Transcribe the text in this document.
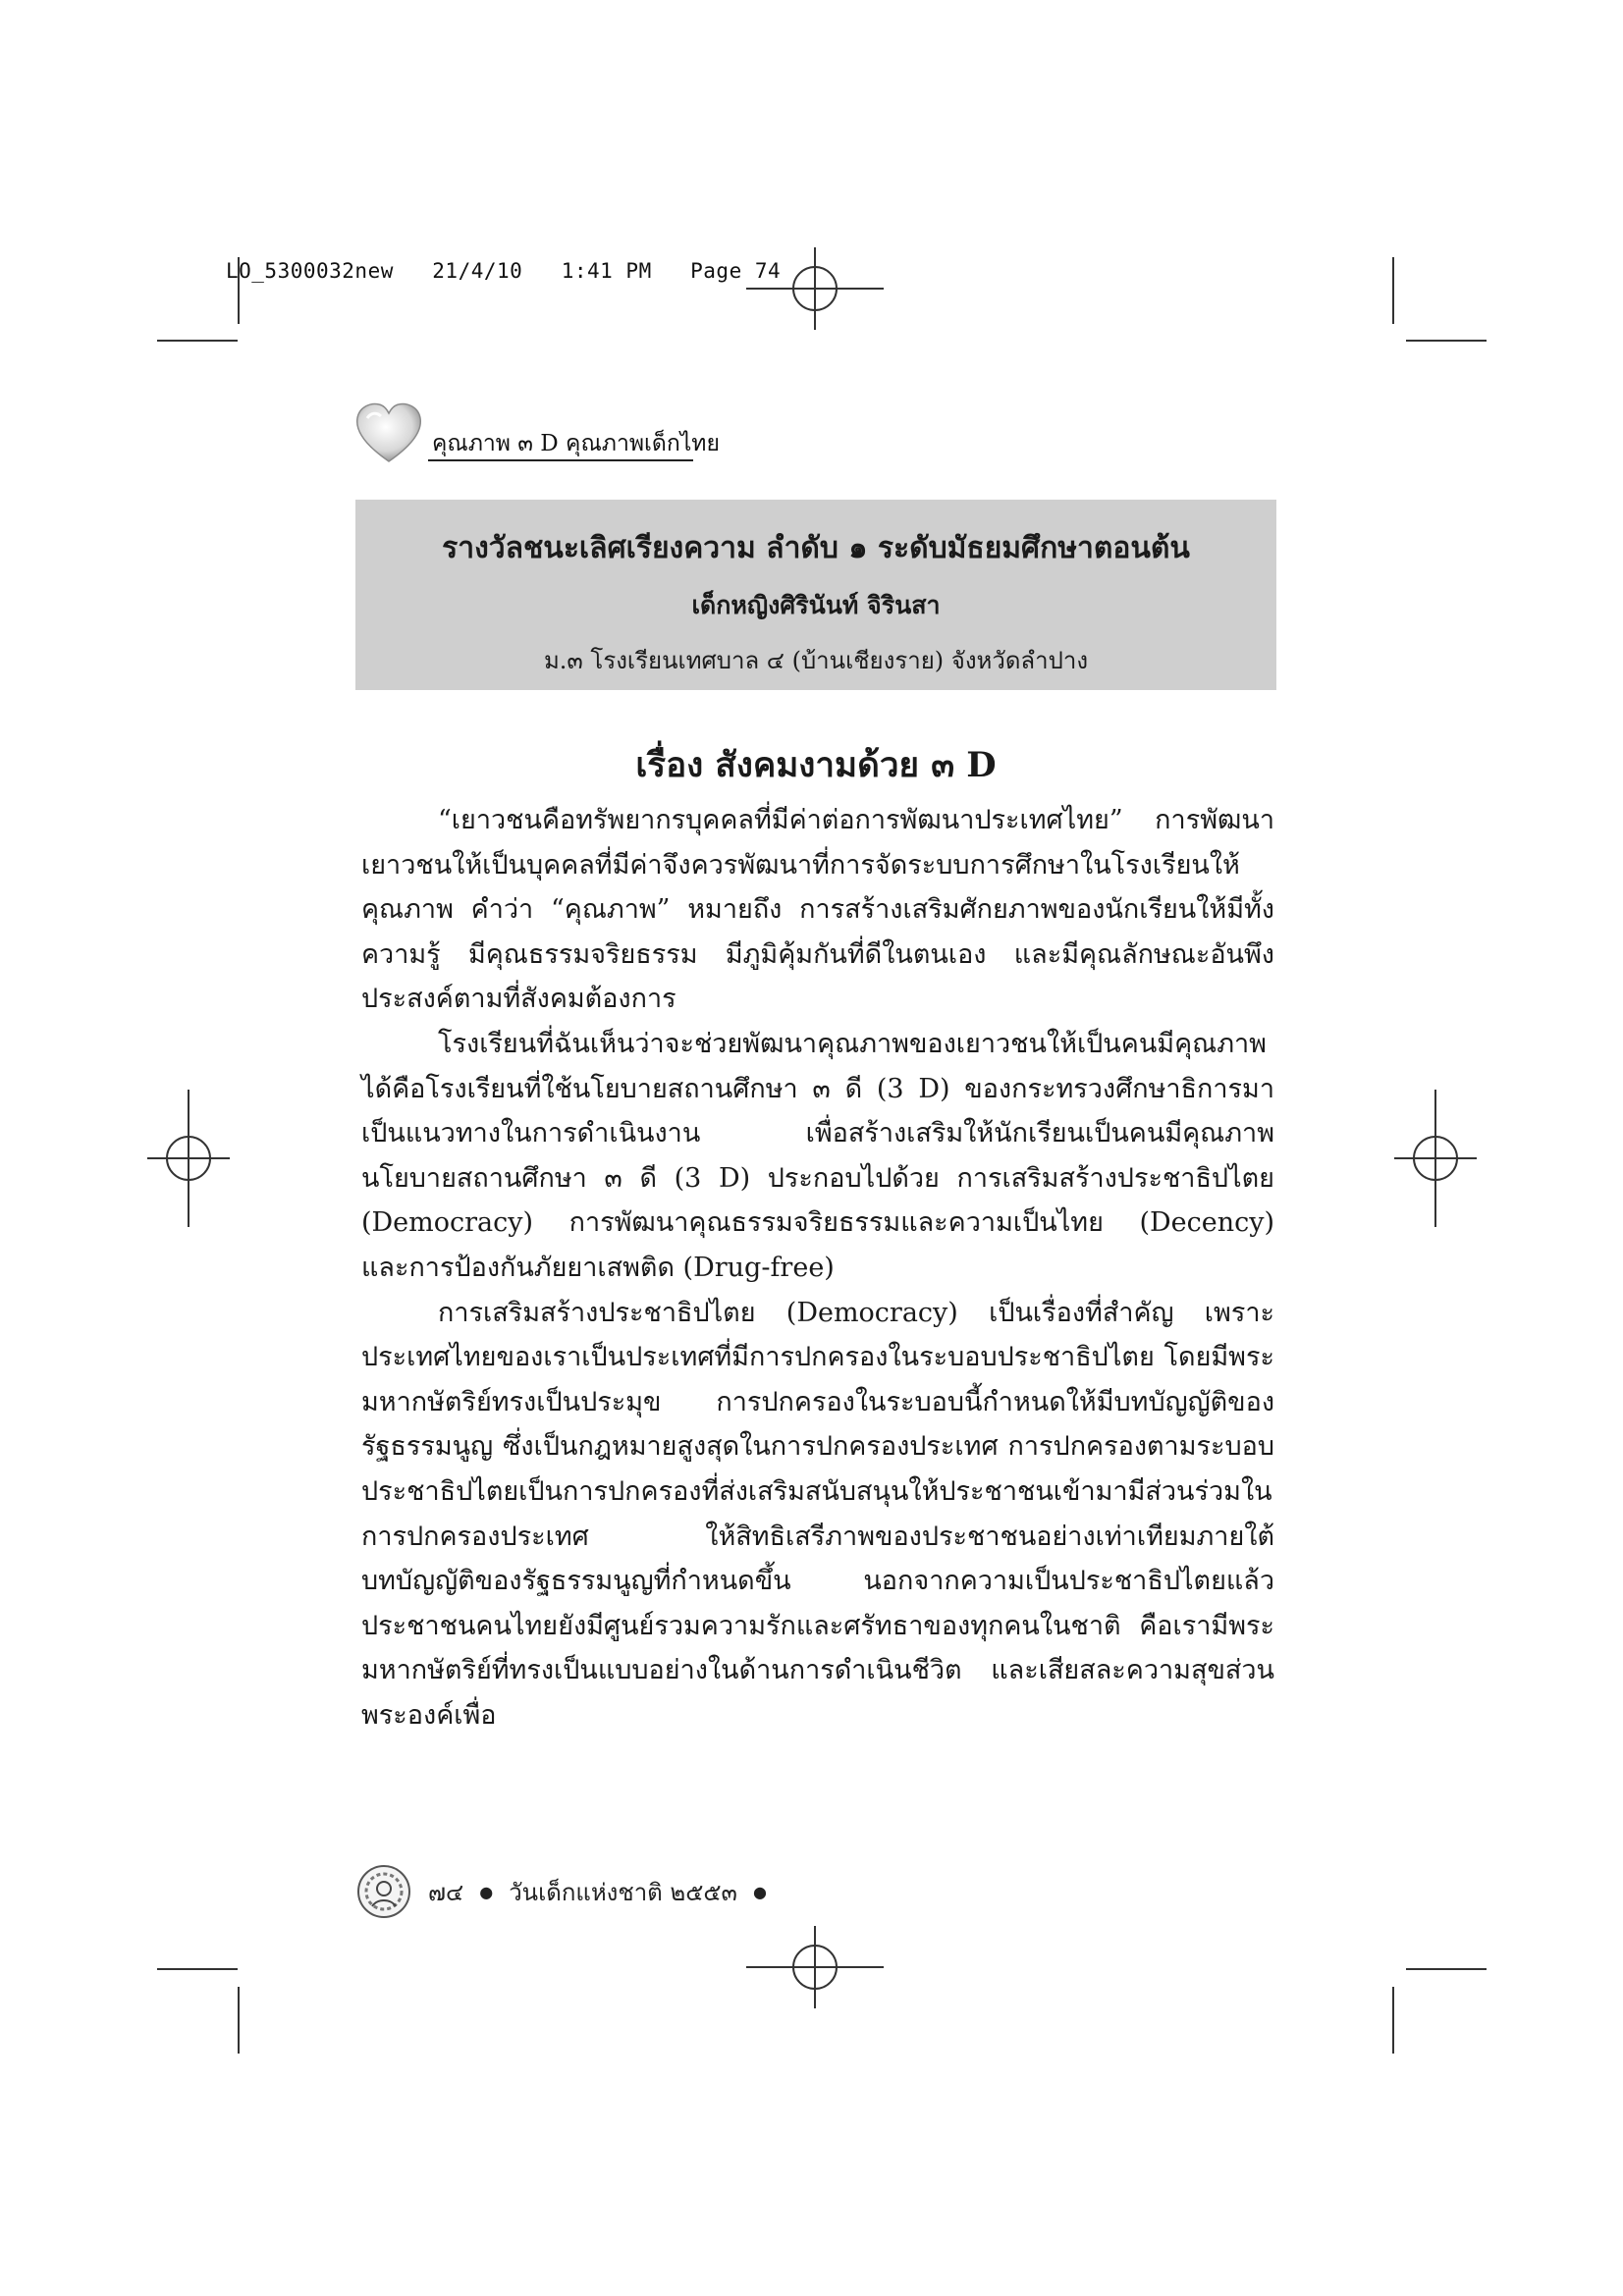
LO_5300032new   21/4/10   1:41 PM   Page 74
คุณภาพ ๓ D คุณภาพเด็กไทย
รางวัลชนะเลิศเรียงความ ลำดับ ๑ ระดับมัธยมศึกษาตอนต้น
เด็กหญิงศิรินันท์ จิรินสา
ม.๓ โรงเรียนเทศบาล ๔ (บ้านเชียงราย) จังหวัดลำปาง
เรื่อง สังคมงามด้วย ๓ D

“เยาวชนคือทรัพยากรบุคคลที่มีค่าต่อการพัฒนาประเทศไทย” การพัฒนาเยาวชนให้เป็นบุคคลที่มีค่าจึงควรพัฒนาที่การจัดระบบการศึกษาในโรงเรียนให้คุณภาพ คำว่า “คุณภาพ” หมายถึง การสร้างเสริมศักยภาพของนักเรียนให้มีทั้งความรู้ มีคุณธรรมจริยธรรม มีภูมิคุ้มกันที่ดีในตนเอง และมีคุณลักษณะอันพึงประสงค์ตามที่สังคมต้องการ

โรงเรียนที่ฉันเห็นว่าจะช่วยพัฒนาคุณภาพของเยาวชนให้เป็นคนมีคุณภาพได้คือโรงเรียนที่ใช้นโยบายสถานศึกษา ๓ ดี (3 D) ของกระทรวงศึกษาธิการมาเป็นแนวทางในการดำเนินงาน เพื่อสร้างเสริมให้นักเรียนเป็นคนมีคุณภาพ นโยบายสถานศึกษา ๓ ดี (3 D) ประกอบไปด้วย การเสริมสร้างประชาธิปไตย (Democracy) การพัฒนาคุณธรรมจริยธรรมและความเป็นไทย (Decency) และการป้องกันภัยยาเสพติด (Drug-free)

การเสริมสร้างประชาธิปไตย (Democracy) เป็นเรื่องที่สำคัญ เพราะประเทศไทยของเราเป็นประเทศที่มีการปกครองในระบอบประชาธิปไตย โดยมีพระมหากษัตริย์ทรงเป็นประมุข การปกครองในระบอบนี้กำหนดให้มีบทบัญญัติของรัฐธรรมนูญ ซึ่งเป็นกฎหมายสูงสุดในการปกครองประเทศ การปกครองตามระบอบประชาธิปไตยเป็นการปกครองที่ส่งเสริมสนับสนุนให้ประชาชนเข้ามามีส่วนร่วมในการปกครองประเทศ ให้สิทธิเสรีภาพของประชาชนอย่างเท่าเทียมภายใต้บทบัญญัติของรัฐธรรมนูญที่กำหนดขึ้น นอกจากความเป็นประชาธิปไตยแล้ว ประชาชนคนไทยยังมีศูนย์รวมความรักและศรัทธาของทุกคนในชาติ คือเรามีพระมหากษัตริย์ที่ทรงเป็นแบบอย่างในด้านการดำเนินชีวิต และเสียสละความสุขส่วนพระองค์เพื่อ

๗๔ ● วันเด็กแห่งชาติ ๒๕๕๓ ●
